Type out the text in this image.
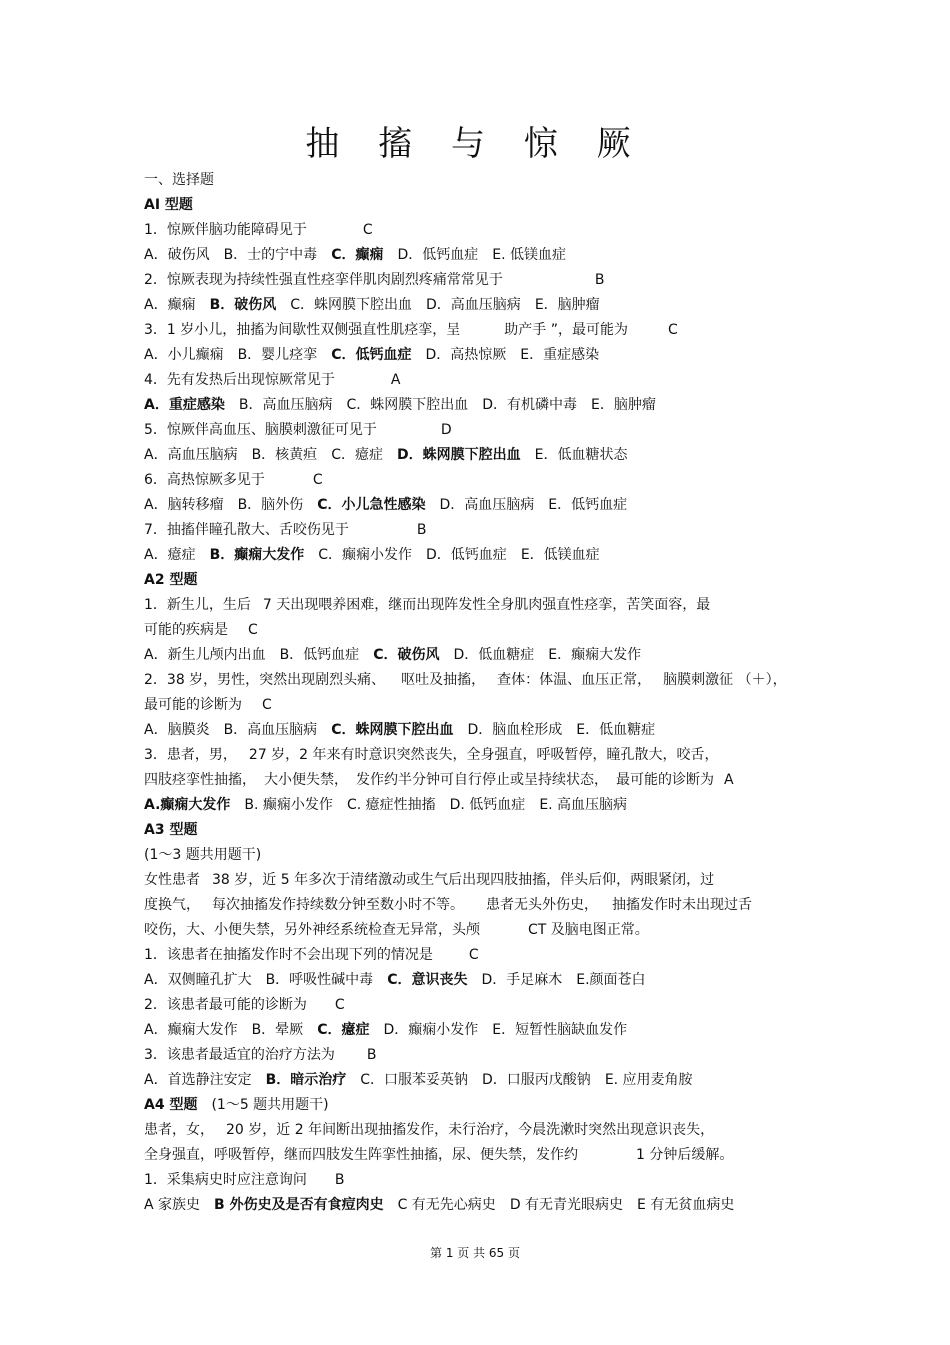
抽 搐 与 惊 厥
一、选择题
AI 型题
1．惊厥伴脑功能障碍见于	C
A．破伤风　 B．士的宁中毒　 C．癫痫　 D．低钙血症　 E. 低镁血症
2．惊厥表现为持续性强直性痉挛伴肌肉剧烈疼痛常常见于	B
A．癫痫　 B．破伤风　 C．蛛网膜下腔出血　 D．高血压脑病　 E．脑肿瘤
3．1 岁小儿，抽搐为间歇性双侧强直性肌痉挛，呈	助产手 ”，最可能为	C
A．小儿癫痫　 B．婴儿痉挛　 C．低钙血症　 D．高热惊厥　 E．重症感染
4．先有发热后出现惊厥常见于	A
A．重症感染　 B．高血压脑病　 C．蛛网膜下腔出血　 D．有机磷中毒　 E．脑肿瘤
5．惊厥伴高血压、脑膜刺激征可见于	D
A．高血压脑病　 B．核黄疸　 C．癔症　 D．蛛网膜下腔出血　 E．低血糖状态
6．高热惊厥多见于	C
A．脑转移瘤　 B．脑外伤　 C．小儿急性感染　 D．高血压脑病　 E．低钙血症
7．抽搐伴瞳孔散大、舌咬伤见于	B
A．癔症　 B．癫痫大发作　 C．癫痫小发作　 D．低钙血症　 E．低镁血症
A2 型题
1．新生儿，生后 7 天出现喂养困难，继而出现阵发性全身肌肉强直性痉挛，苦笑面容，最
可能的疾病是 C
A．新生儿颅内出血　 B．低钙血症　 C．破伤风　 D．低血糖症　 E．癫痫大发作
2．38 岁，男性，突然出现剧烈头痛、 呕吐及抽搐， 查体：体温、血压正常， 脑膜刺激征 （＋），
最可能的诊断为 C
A．脑膜炎　 B．高血压脑病　 C．蛛网膜下腔出血　 D．脑血栓形成　 E．低血糖症
3．患者，男， 27 岁，2 年来有时意识突然丧失，全身强直，呼吸暂停，瞳孔散大，咬舌，
四肢痉挛性抽搐， 大小便失禁， 发作约半分钟可自行停止或呈持续状态， 最可能的诊断为 A
A.癫痫大发作　 B. 癫痫小发作　 C. 癔症性抽搐　 D. 低钙血症　 E. 高血压脑病
A3 型题
(1～3 题共用题干)
女性患者 38 岁，近 5 年多次于清绪激动或生气后出现四肢抽搐，伴头后仰，两眼紧闭，过
度换气， 每次抽搐发作持续数分钟至数小时不等。 患者无头外伤史， 抽搐发作时未出现过舌
咬伤，大、小便失禁，另外神经系统检查无异常，头颅	CT 及脑电图正常。
1．该患者在抽搐发作时不会出现下列的情况是	C
A．双侧瞳孔扩大　 B．呼吸性碱中毒　 C．意识丧失　 D．手足麻木　 E.颜面苍白
2．该患者最可能的诊断为 C
A．癫痫大发作　 B．晕厥　 C．癔症　 D．癫痫小发作　 E．短暂性脑缺血发作
3．该患者最适宜的治疗方法为 B
A．首选静注安定　 B．暗示治疗　 C．口服苯妥英钠　 D．口服丙戊酸钠　 E. 应用麦角胺
A4 型题　 (1～5 题共用题干)
患者，女， 20 岁，近 2 年间断出现抽搐发作，未行治疗，今晨洗漱时突然出现意识丧失，
全身强直，呼吸暂停，继而四肢发生阵挛性抽搐，尿、便失禁，发作约	1 分钟后缓解。
1．采集病史时应注意询问 B
A 家族史　 B 外伤史及是否有食痘肉史　 C 有无先心病史　 D 有无青光眼病史　 E 有无贫血病史
第 1 页 共 65 页
